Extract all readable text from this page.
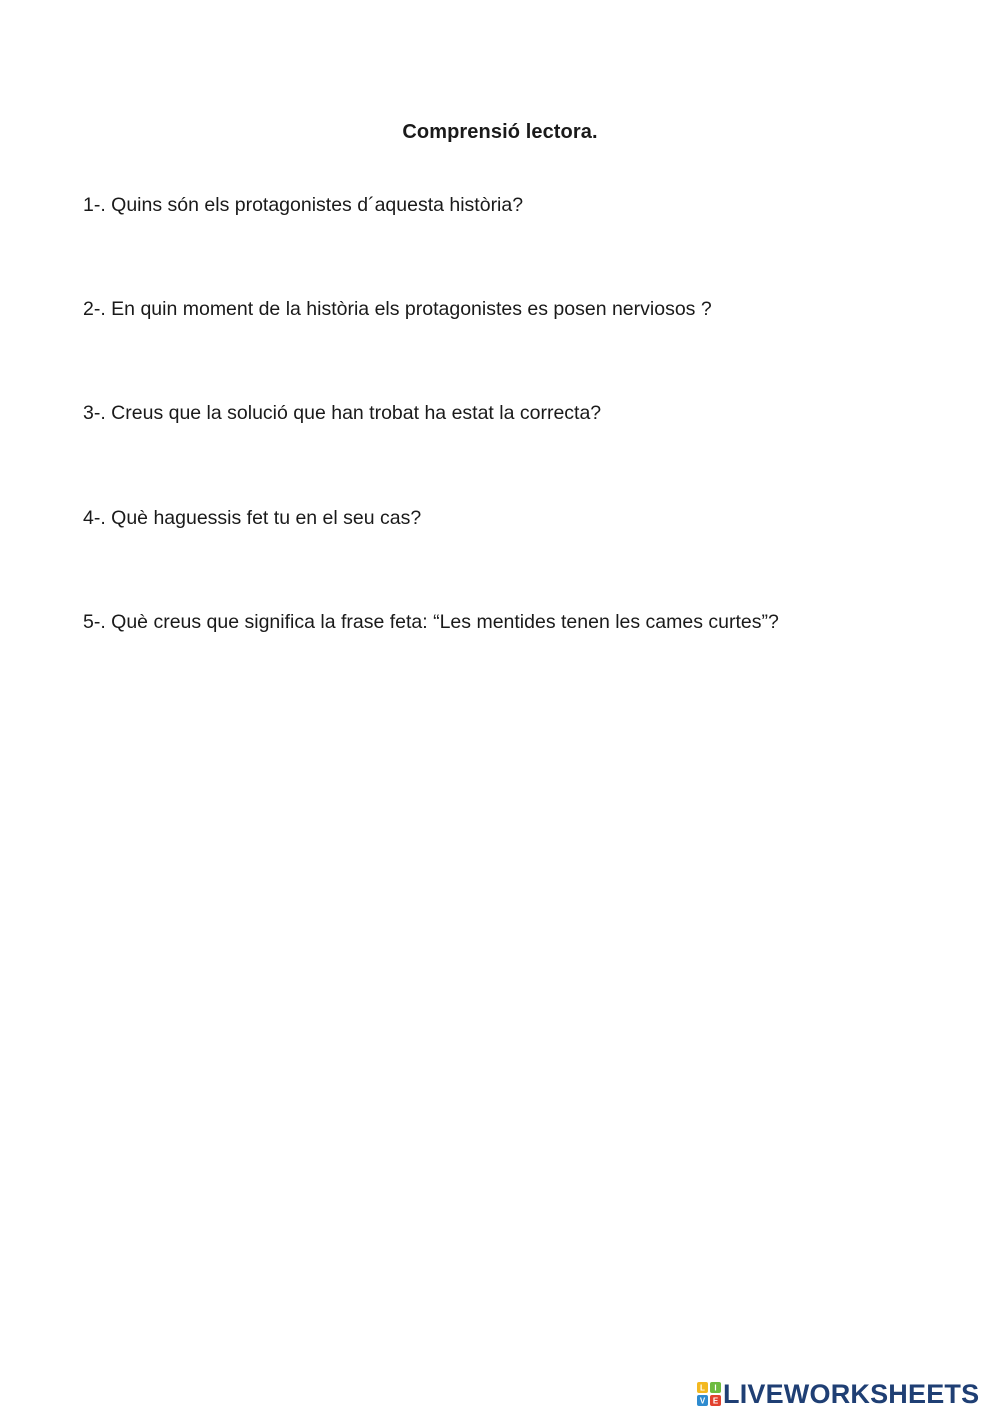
Comprensió lectora.
1-. Quins són els protagonistes d´aquesta història?
2-. En quin moment de la història els protagonistes es posen nerviosos ?
3-. Creus que la solució que han trobat ha estat la correcta?
4-. Què haguessis fet tu en el seu cas?
5-. Què creus que significa la frase feta: “Les mentides tenen les cames curtes”?
L I
V E LIVEWORKSHEETS
